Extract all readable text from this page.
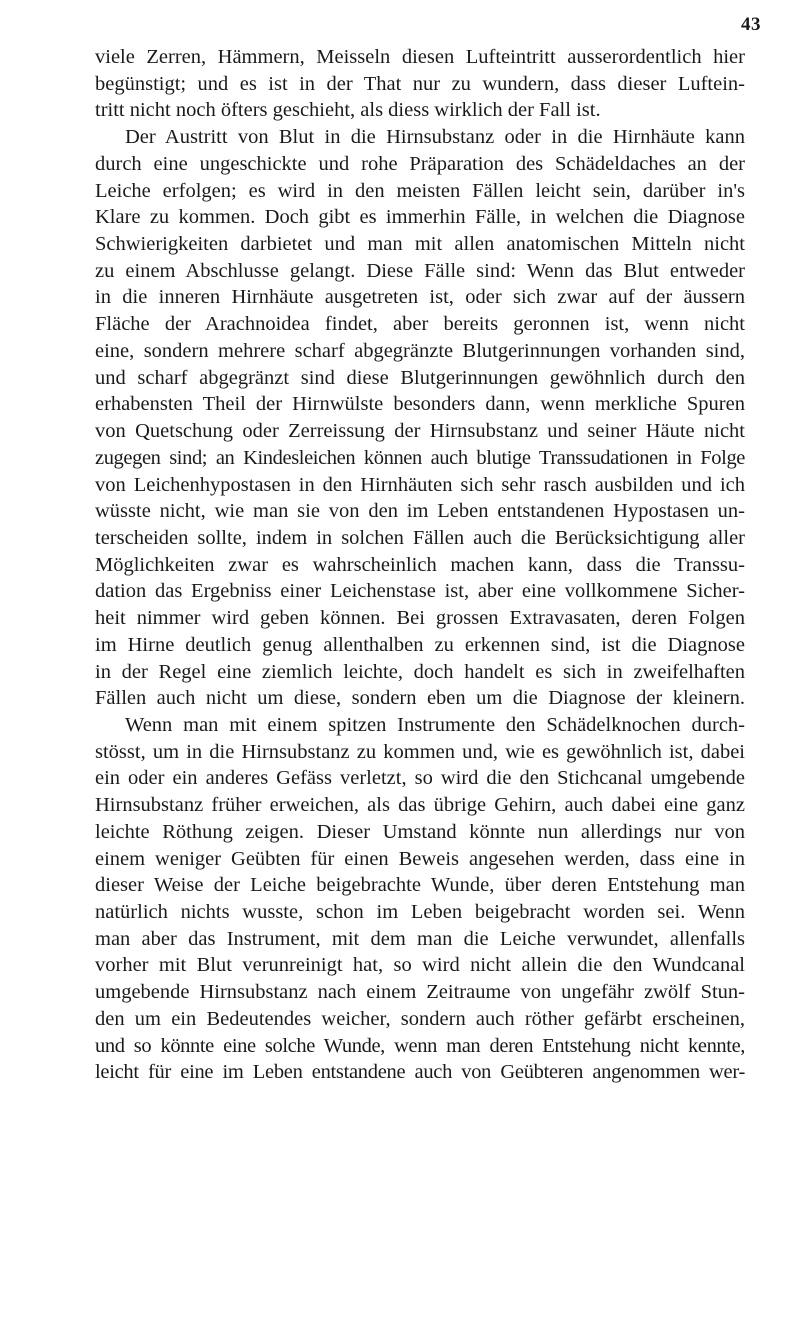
43
viele Zerren, Hämmern, Meisseln diesen Lufteintritt ausserordentlich hier
begünstigt; und es ist in der That nur zu wundern, dass dieser Luftein-
tritt nicht noch öfters geschieht, als diess wirklich der Fall ist.
Der Austritt von Blut in die Hirnsubstanz oder in die Hirnhäute kann
durch eine ungeschickte und rohe Präparation des Schädeldaches an der
Leiche erfolgen; es wird in den meisten Fällen leicht sein, darüber in's
Klare zu kommen. Doch gibt es immerhin Fälle, in welchen die Diagnose
Schwierigkeiten darbietet und man mit allen anatomischen Mitteln nicht
zu einem Abschlusse gelangt. Diese Fälle sind: Wenn das Blut entweder
in die inneren Hirnhäute ausgetreten ist, oder sich zwar auf der äussern
Fläche der Arachnoidea findet, aber bereits geronnen ist, wenn nicht
eine, sondern mehrere scharf abgegränzte Blutgerinnungen vorhanden sind,
und scharf abgegränzt sind diese Blutgerinnungen gewöhnlich durch den
erhabensten Theil der Hirnwülste besonders dann, wenn merkliche Spuren
von Quetschung oder Zerreissung der Hirnsubstanz und seiner Häute nicht
zugegen sind; an Kindesleichen können auch blutige Transsudationen in Folge
von Leichenhypostasen in den Hirnhäuten sich sehr rasch ausbilden und ich
wüsste nicht, wie man sie von den im Leben entstandenen Hypostasen un-
terscheiden sollte, indem in solchen Fällen auch die Berücksichtigung aller
Möglichkeiten zwar es wahrscheinlich machen kann, dass die Transsu-
dation das Ergebniss einer Leichenstase ist, aber eine vollkommene Sicher-
heit nimmer wird geben können. Bei grossen Extravasaten, deren Folgen
im Hirne deutlich genug allenthalben zu erkennen sind, ist die Diagnose
in der Regel eine ziemlich leichte, doch handelt es sich in zweifelhaften
Fällen auch nicht um diese, sondern eben um die Diagnose der kleinern.
Wenn man mit einem spitzen Instrumente den Schädelknochen durch-
stösst, um in die Hirnsubstanz zu kommen und, wie es gewöhnlich ist, dabei
ein oder ein anderes Gefäss verletzt, so wird die den Stichcanal umgebende
Hirnsubstanz früher erweichen, als das übrige Gehirn, auch dabei eine ganz
leichte Röthung zeigen. Dieser Umstand könnte nun allerdings nur von
einem weniger Geübten für einen Beweis angesehen werden, dass eine in
dieser Weise der Leiche beigebrachte Wunde, über deren Entstehung man
natürlich nichts wusste, schon im Leben beigebracht worden sei. Wenn
man aber das Instrument, mit dem man die Leiche verwundet, allenfalls
vorher mit Blut verunreinigt hat, so wird nicht allein die den Wundcanal
umgebende Hirnsubstanz nach einem Zeitraume von ungefähr zwölf Stun-
den um ein Bedeutendes weicher, sondern auch röther gefärbt erscheinen,
und so könnte eine solche Wunde, wenn man deren Entstehung nicht kennte,
leicht für eine im Leben entstandene auch von Geübteren angenommen wer-
